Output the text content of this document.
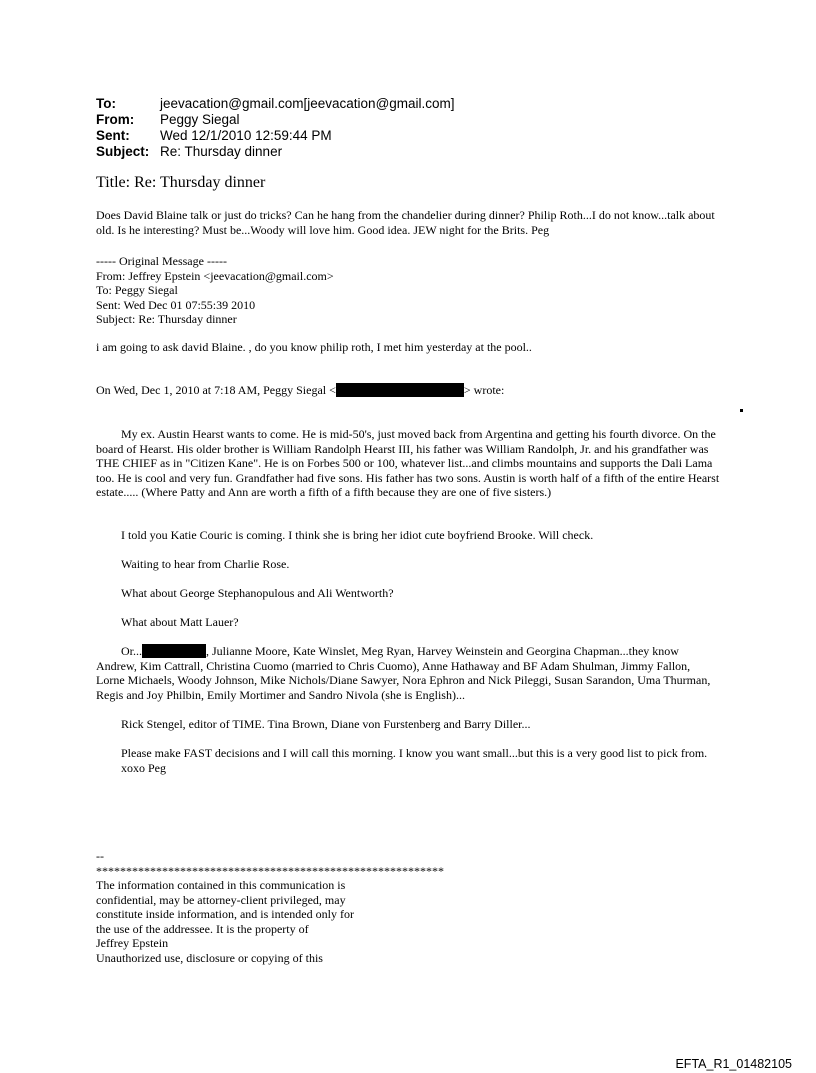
To:	jeevacation@gmail.com[jeevacation@gmail.com]
From:	Peggy Siegal
Sent:	Wed 12/1/2010 12:59:44 PM
Subject: Re: Thursday dinner
Title: Re: Thursday dinner

Does David Blaine talk or just do tricks? Can he hang from the chandelier during dinner? Philip Roth...I do not know...talk about old. Is he interesting? Must be...Woody will love him. Good idea. JEW night for the Brits. Peg

----- Original Message -----

From: Jeffrey Epstein <jeevacation@gmail.com>

To: Peggy Siegal

Sent: Wed Dec 01 07:55:39 2010

Subject: Re: Thursday dinner

i am going to ask david Blaine. , do you know philip roth, I met him yesterday at the pool..

On Wed, Dec 1, 2010 at 7:18 AM, Peggy Siegal <	> wrote:

My ex. Austin Hearst wants to come. He is mid-50's, just moved back from Argentina and getting his fourth divorce. On the board of Hearst. His older brother is William Randolph Hearst III, his father was William Randolph, Jr. and his grandfather was THE CHIEF as in "Citizen Kane". He is on Forbes 500 or 100, whatever list...and climbs mountains and supports the Dali Lama too. He is cool and very fun. Grandfather had five sons. His father has two sons. Austin is worth half of a fifth of the entire Hearst estate..... (Where Patty and Ann are worth a fifth of a fifth because they are one of five sisters.)

I told you Katie Couric is coming. I think she is bring her idiot cute boyfriend Brooke. Will check.

Waiting to hear from Charlie Rose.

What about George Stephanopulous and Ali Wentworth?

What about Matt Lauer?

Or...	, Julianne Moore, Kate Winslet, Meg Ryan, Harvey Weinstein and Georgina Chapman...they know Andrew, Kim Cattrall, Christina Cuomo (married to Chris Cuomo), Anne Hathaway and BF Adam Shulman, Jimmy Fallon, Lorne Michaels, Woody Johnson, Mike Nichols/Diane Sawyer, Nora Ephron and Nick Pileggi, Susan Sarandon, Uma Thurman, Regis and Joy Philbin, Emily Mortimer and Sandro Nivola (she is English)...

Rick Stengel, editor of TIME. Tina Brown, Diane von Furstenberg and Barry Diller...

Please make FAST decisions and I will call this morning. I know you want small...but this is a very good list to pick from.

xoxo Peg

--

**********************************************************

The information contained in this communication is

confidential, may be attorney-client privileged, may

constitute inside information, and is intended only for

the use of the addressee. It is the property of

Jeffrey Epstein

Unauthorized use, disclosure or copying of this

EFTA_R1_01482105
